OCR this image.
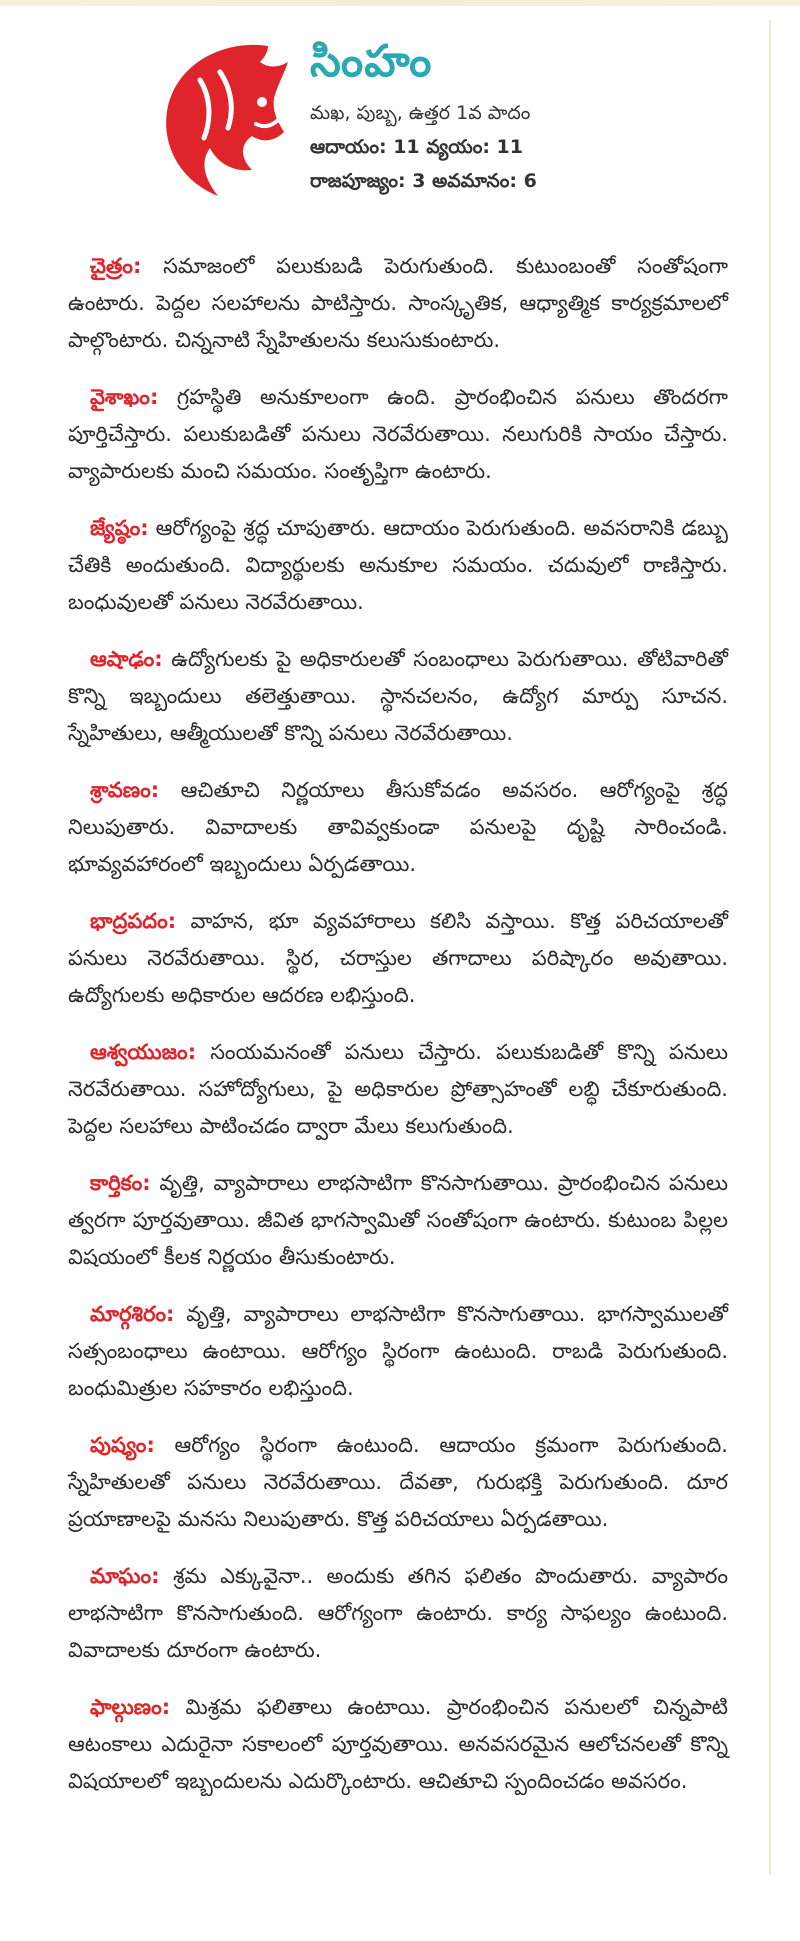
సింహం
మఖ, పుబ్బ, ఉత్తర 1వ పాదం
ఆదాయం: 11 వ్యయం: 11
రాజపూజ్యం: 3 అవమానం: 6

చైత్రం: సమాజంలో పలుకుబడి పెరుగుతుంది. కుటుంబంతో సంతోషంగా ఉంటారు. పెద్దల సలహాలను పాటిస్తారు. సాంస్కృతిక, ఆధ్యాత్మిక కార్యక్రమాలలో పాల్గొంటారు. చిన్ననాటి స్నేహితులను కలుసుకుంటారు.

వైశాఖం: గ్రహస్థితి అనుకూలంగా ఉంది. ప్రారంభించిన పనులు తొందరగా పూర్తిచేస్తారు. పలుకుబడితో పనులు నెరవేరుతాయి. నలుగురికి సాయం చేస్తారు. వ్యాపారులకు మంచి సమయం. సంతృప్తిగా ఉంటారు.

జ్యేష్ఠం: ఆరోగ్యంపై శ్రద్ధ చూపుతారు. ఆదాయం పెరుగుతుంది. అవసరానికి డబ్బు చేతికి అందుతుంది. విద్యార్థులకు అనుకూల సమయం. చదువులో రాణిస్తారు. బంధువులతో పనులు నెరవేరుతాయి.

ఆషాఢం: ఉద్యోగులకు పై అధికారులతో సంబంధాలు పెరుగుతాయి. తోటివారితో కొన్ని ఇబ్బందులు తలెత్తుతాయి. స్థానచలనం, ఉద్యోగ మార్పు సూచన. స్నేహితులు, ఆత్మీయులతో కొన్ని పనులు నెరవేరుతాయి.

శ్రావణం: ఆచితూచి నిర్ణయాలు తీసుకోవడం అవసరం. ఆరోగ్యంపై శ్రద్ధ నిలుపుతారు. వివాదాలకు తావివ్వకుండా పనులపై దృష్టి సారించండి. భూవ్యవహారంలో ఇబ్బందులు ఏర్పడతాయి.

భాద్రపదం: వాహన, భూ వ్యవహారాలు కలిసి వస్తాయి. కొత్త పరిచయాలతో పనులు నెరవేరుతాయి. స్థిర, చరాస్తుల తగాదాలు పరిష్కారం అవుతాయి. ఉద్యోగులకు అధికారుల ఆదరణ లభిస్తుంది.

ఆశ్వయుజం: సంయమనంతో పనులు చేస్తారు. పలుకుబడితో కొన్ని పనులు నెరవేరుతాయి. సహోద్యోగులు, పై అధికారుల ప్రోత్సాహంతో లబ్ధి చేకూరుతుంది. పెద్దల సలహాలు పాటించడం ద్వారా మేలు కలుగుతుంది.

కార్తికం: వృత్తి, వ్యాపారాలు లాభసాటిగా కొనసాగుతాయి. ప్రారంభించిన పనులు త్వరగా పూర్తవుతాయి. జీవిత భాగస్వామితో సంతోషంగా ఉంటారు. కుటుంబ పిల్లల విషయంలో కీలక నిర్ణయం తీసుకుంటారు.

మార్గశిరం: వృత్తి, వ్యాపారాలు లాభసాటిగా కొనసాగుతాయి. భాగస్వాములతో సత్సంబంధాలు ఉంటాయి. ఆరోగ్యం స్థిరంగా ఉంటుంది. రాబడి పెరుగుతుంది. బంధుమిత్రుల సహకారం లభిస్తుంది.

పుష్యం: ఆరోగ్యం స్థిరంగా ఉంటుంది. ఆదాయం క్రమంగా పెరుగుతుంది. స్నేహితులతో పనులు నెరవేరుతాయి. దేవతా, గురుభక్తి పెరుగుతుంది. దూర ప్రయాణాలపై మనసు నిలుపుతారు. కొత్త పరిచయాలు ఏర్పడతాయి.

మాఘం: శ్రమ ఎక్కువైనా.. అందుకు తగిన ఫలితం పొందుతారు. వ్యాపారం లాభసాటిగా కొనసాగుతుంది. ఆరోగ్యంగా ఉంటారు. కార్య సాఫల్యం ఉంటుంది. వివాదాలకు దూరంగా ఉంటారు.

ఫాల్గుణం: మిశ్రమ ఫలితాలు ఉంటాయి. ప్రారంభించిన పనులలో చిన్నపాటి ఆటంకాలు ఎదురైనా సకాలంలో పూర్తవుతాయి. అనవసరమైన ఆలోచనలతో కొన్ని విషయాలలో ఇబ్బందులను ఎదుర్కొంటారు. ఆచితూచి స్పందించడం అవసరం.
